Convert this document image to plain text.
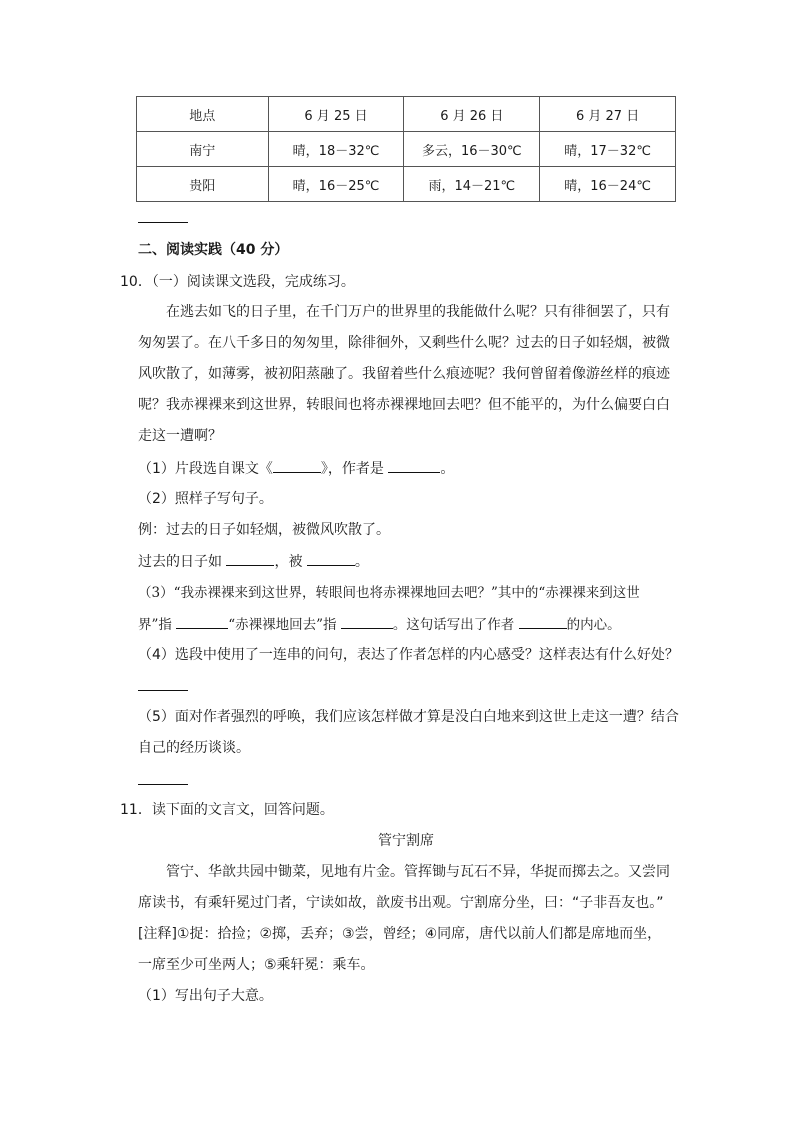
地点	6 月 25 日	6 月 26 日	6 月 27 日
南宁	晴，18－32℃	多云，16－30℃	晴，17－32℃
贵阳	晴，16－25℃	雨，14－21℃	晴，16－24℃
二、阅读实践（40 分）
10．（一）阅读课文选段，完成练习。
在逃去如飞的日子里，在千门万户的世界里的我能做什么呢？只有徘徊罢了，只有
匆匆罢了。在八千多日的匆匆里，除徘徊外，又剩些什么呢？过去的日子如轻烟，被微
风吹散了，如薄雾，被初阳蒸融了。我留着些什么痕迹呢？我何曾留着像游丝样的痕迹
呢？我赤裸裸来到这世界，转眼间也将赤裸裸地回去吧？但不能平的，为什么偏要白白
走这一遭啊？
（1）片段选自课文《	》，作者是	。
（2）照样子写句子。
例：过去的日子如轻烟，被微风吹散了。
过去的日子如	，被	。
（3）“我赤裸裸来到这世界，转眼间也将赤裸裸地回去吧？”其中的“赤裸裸来到这世
界”指	“赤裸裸地回去”指	。这句话写出了作者	的内心。
（4）选段中使用了一连串的问句，表达了作者怎样的内心感受？这样表达有什么好处？
（5）面对作者强烈的呼唤，我们应该怎样做才算是没白白地来到这世上走这一遭？结合
自己的经历谈谈。
11．读下面的文言文，回答问题。
管宁割席
管宁、华歆共园中锄菜，见地有片金。管挥锄与瓦石不异，华捉而掷去之。又尝同
席读书，有乘轩冕过门者，宁读如故，歆废书出观。宁割席分坐，曰：“子非吾友也。”
[注释]①捉：拾捡；②掷，丢弃；③尝，曾经；④同席，唐代以前人们都是席地而坐，
一席至少可坐两人；⑤乘轩冕：乘车。
（1）写出句子大意。
